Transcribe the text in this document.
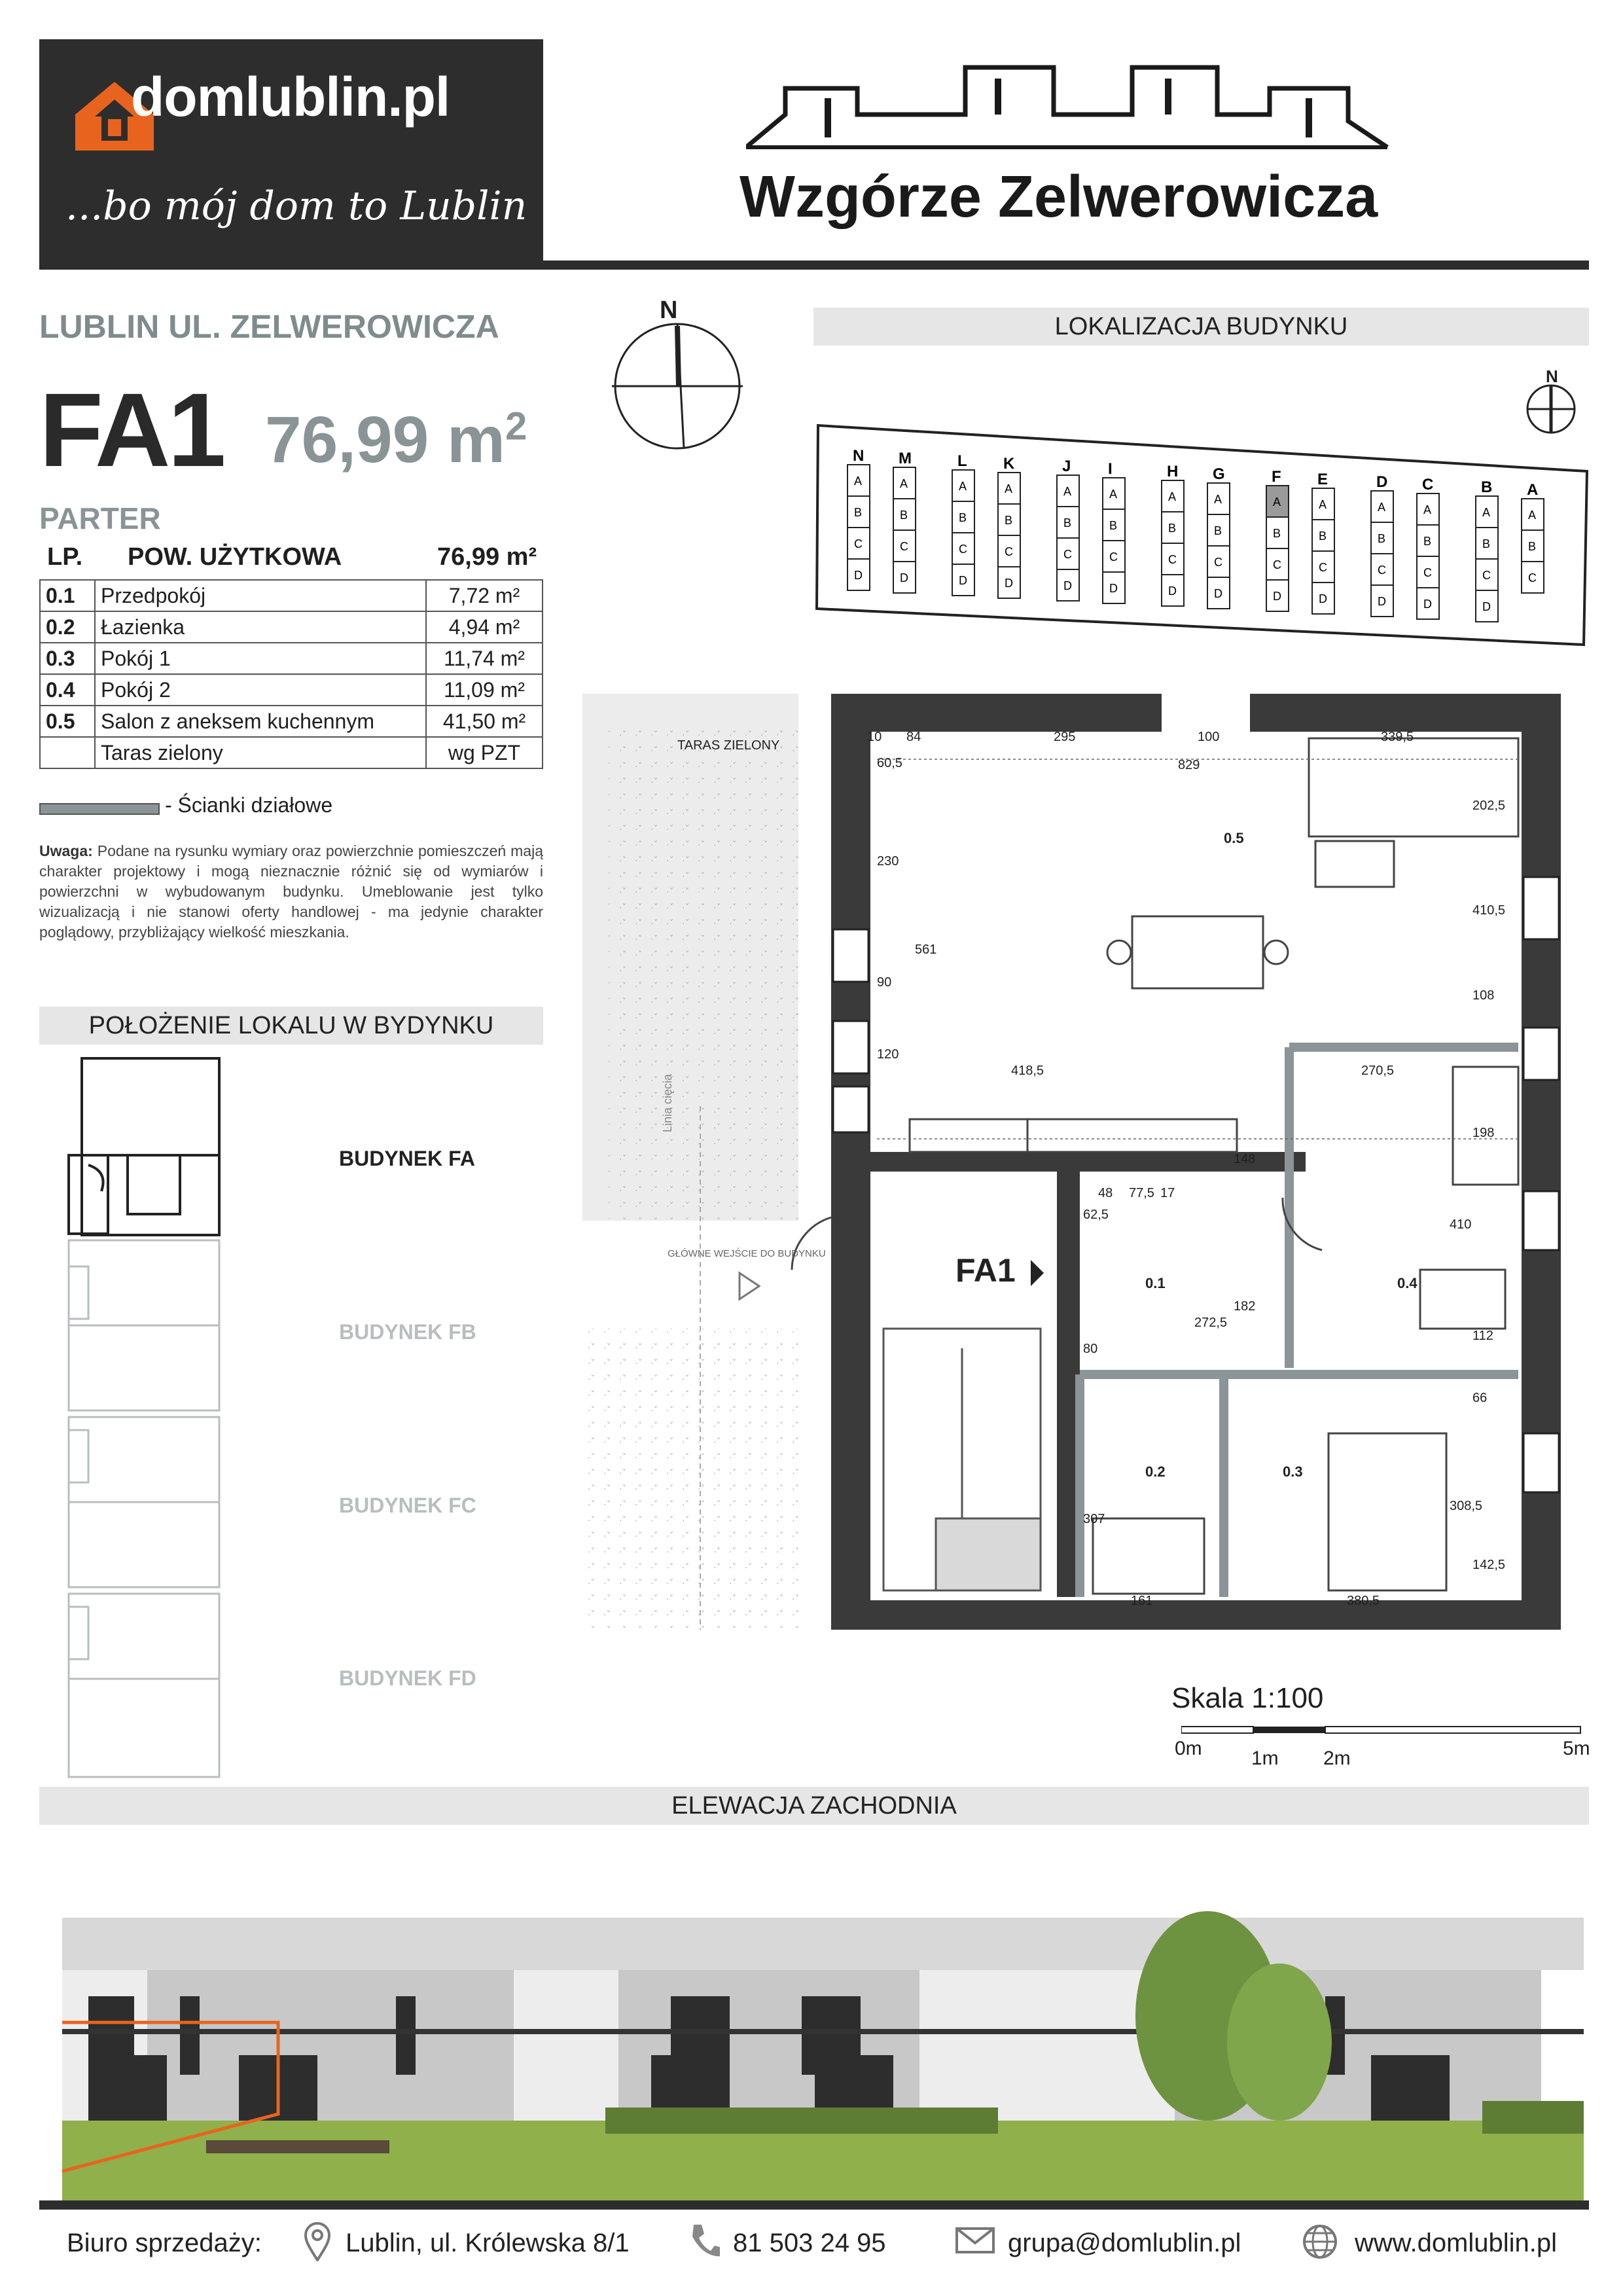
domlublin.pl
...bo mój dom to Lublin	Wzgórze Zelwerowicza
LUBLIN UL. ZELWEROWICZA
FA1 76,99 $m^2$
PARTER
LP. POW. UŻYTKOWA	76,99 m²
0.1	Przedpokój	7,72 m²
0.2	Łazienka	4,94 m²
0.3	Pokój 1	11,74 m²
0.4	Pokój 2	11,09 m²
0.5	Salon z aneksem kuchennym	41,50 m²
	Taras zielony	wg PZT
- Ścianki działowe
Uwaga: Podane na rysunku wymiary oraz powierzchnie pomieszczeń mają charakter projektowy i mogą nieznacznie różnić się od wymiarów i powierzchni w wybudowanym budynku. Umeblowanie jest tylko wizualizacją i nie stanowi oferty handlowej - ma jedynie charakter poglądowy, przybliżający wielkość mieszkania.
POŁOŻENIE LOKALU W BYDYNKU
BUDYNEK FA
BUDYNEK FB
BUDYNEK FC
BUDYNEK FD
N
LOKALIZACJA BUDYNKU
N
N
A
B
C
D
M
A
B
C
D
L
A
B
C
D
K
A
B
C
D
J
A
B
C
D
I
A
B
C
D
H
A
B
C
D
G
A
B
C
D
F
A
B
C
D
E
A
B
C
D
D
A
B
C
D
C
A
B
C
D
B
A
B
C
D
A
A
B
C
TARAS ZIELONY
GŁÓWNE WEJŚCIE DO BUDYNKU
0.5
0.1
0.2	0.3
0.4
FA1
10 84	295	100	339,5
829
60,5
230
561
90
120
418,5	270,5
202,5
410,5
108
198
148
48 77,5 17
62,5
182
272,5
80
410
112
66
307
308,5
142,5
161	380,5
Linia cięcia
Skala 1:100
0m	1m 2m	5m
ELEWACJA ZACHODNIA
Biuro sprzedaży:	Lublin, ul. Królewska 8/1	81 503 24 95	grupa@domlublin.pl	www.domlublin.pl
